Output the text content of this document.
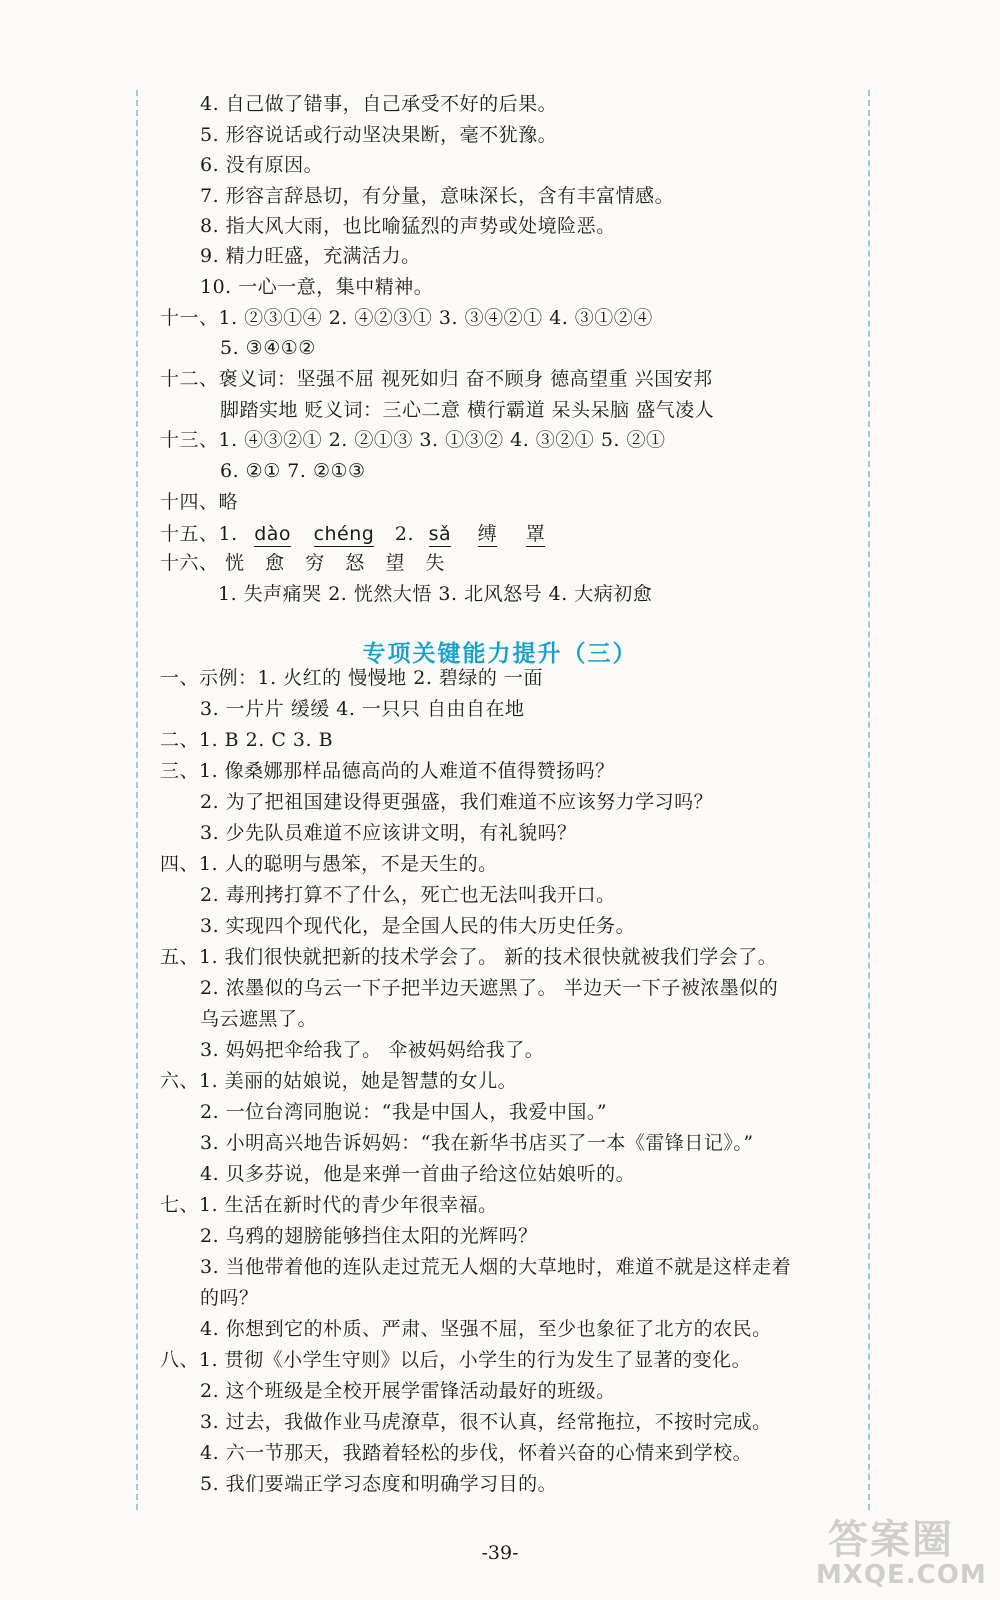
4. 自己做了错事，自己承受不好的后果。
5. 形容说话或行动坚决果断，毫不犹豫。
6. 没有原因。
7. 形容言辞恳切，有分量，意味深长，含有丰富情感。
8. 指大风大雨，也比喻猛烈的声势或处境险恶。
9. 精力旺盛，充满活力。
10. 一心一意，集中精神。
十一、1. ②③①④ 2. ④②③① 3. ③④②① 4. ③①②④
5. ③④①②
十二、褒义词：坚强不屈 视死如归 奋不顾身 德高望重 兴国安邦
脚踏实地 贬义词：三心二意 横行霸道 呆头呆脑 盛气凌人
十三、1. ④③②① 2. ②①③ 3. ①③② 4. ③②① 5. ②①
6. ②① 7. ②①③
十四、略
1. 失声痛哭 2. 恍然大悟 3. 北风怒号 4. 大病初愈
一、示例：1. 火红的 慢慢地 2. 碧绿的 一面
3. 一片片 缓缓 4. 一只只 自由自在地
二、1. B 2. C 3. B
三、1. 像桑娜那样品德高尚的人难道不值得赞扬吗？
2. 为了把祖国建设得更强盛，我们难道不应该努力学习吗？
3. 少先队员难道不应该讲文明，有礼貌吗？
四、1. 人的聪明与愚笨，不是天生的。
2. 毒刑拷打算不了什么，死亡也无法叫我开口。
3. 实现四个现代化，是全国人民的伟大历史任务。
五、1. 我们很快就把新的技术学会了。 新的技术很快就被我们学会了。
2. 浓墨似的乌云一下子把半边天遮黑了。 半边天一下子被浓墨似的
乌云遮黑了。
3. 妈妈把伞给我了。 伞被妈妈给我了。
六、1. 美丽的姑娘说，她是智慧的女儿。
2. 一位台湾同胞说：“我是中国人，我爱中国。”
3. 小明高兴地告诉妈妈：“我在新华书店买了一本《雷锋日记》。”
4. 贝多芬说，他是来弹一首曲子给这位姑娘听的。
七、1. 生活在新时代的青少年很幸福。
2. 乌鸦的翅膀能够挡住太阳的光辉吗？
3. 当他带着他的连队走过荒无人烟的大草地时，难道不就是这样走着
的吗？
4. 你想到它的朴质、严肃、坚强不屈，至少也象征了北方的农民。
八、1. 贯彻《小学生守则》以后，小学生的行为发生了显著的变化。
2. 这个班级是全校开展学雷锋活动最好的班级。
3. 过去，我做作业马虎潦草，很不认真，经常拖拉，不按时完成。
4. 六一节那天，我踏着轻松的步伐，怀着兴奋的心情来到学校。
5. 我们要端正学习态度和明确学习目的。
十五、1. dào chéng 2. sǎ 缚 罩
十六、 恍 愈 穷 怒 望 失
专项关键能力提升（三）
-39-	答案圈
MXQE.COM
